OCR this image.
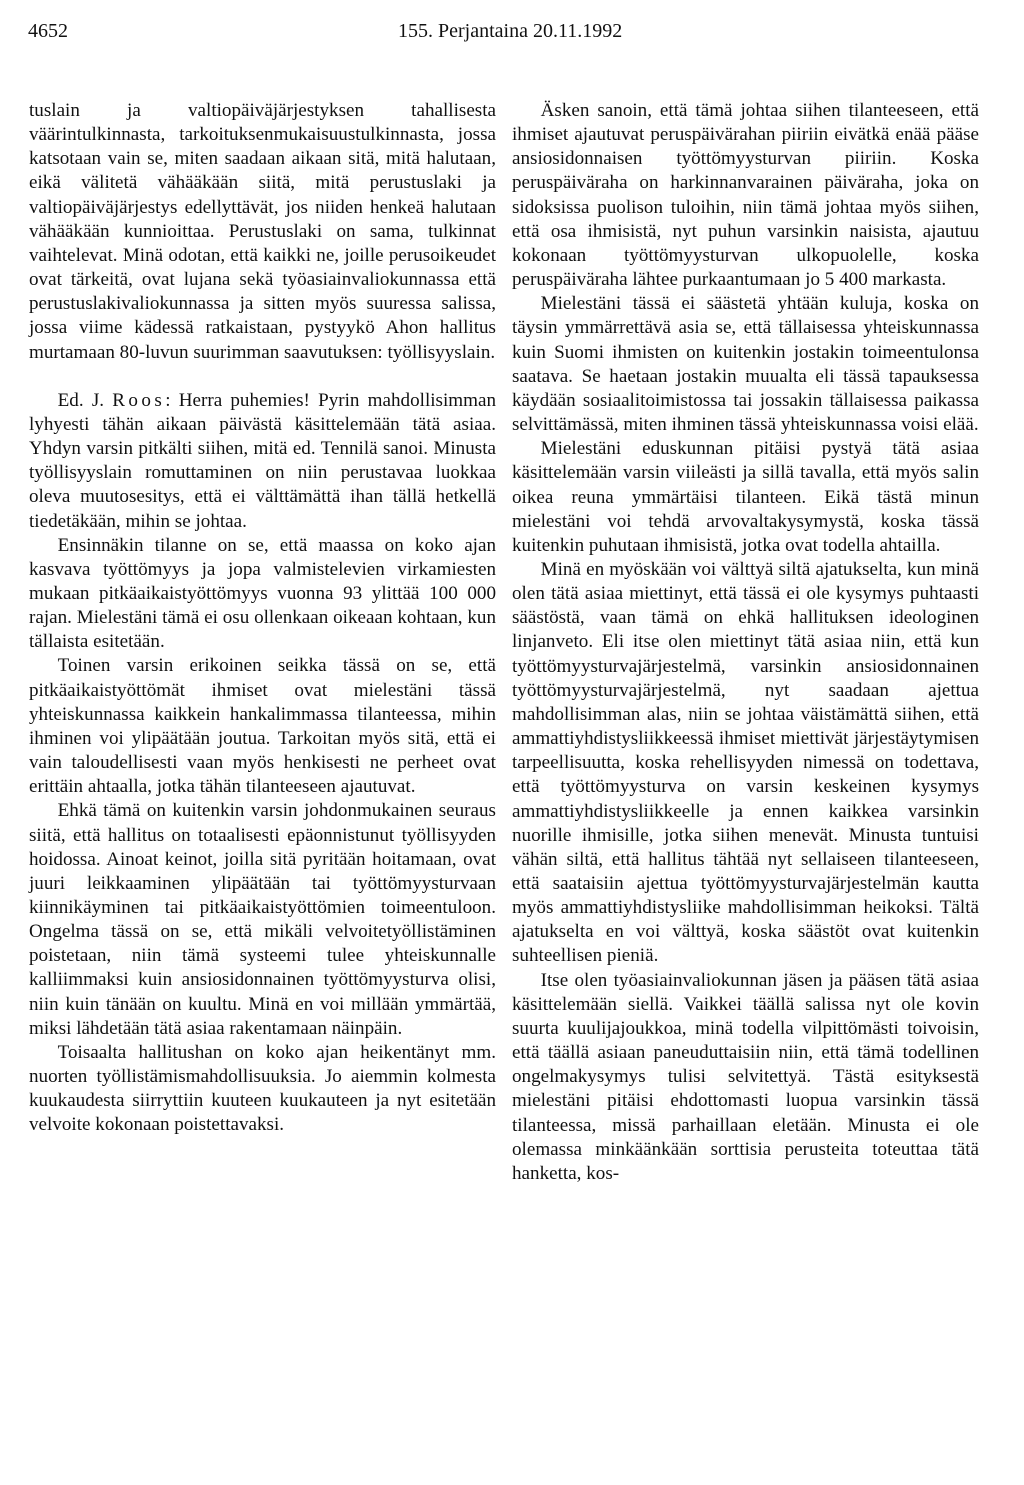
4652	155. Perjantaina 20.11.1992

tuslain ja valtiopäiväjärjestyksen tahallisesta väärintulkinnasta, tarkoituksenmukaisuustulkinnasta, jossa katsotaan vain se, miten saadaan aikaan sitä, mitä halutaan, eikä välitetä vähääkään siitä, mitä perustuslaki ja valtiopäiväjärjestys edellyttävät, jos niiden henkeä halutaan vähääkään kunnioittaa. Perustuslaki on sama, tulkinnat vaihtelevat. Minä odotan, että kaikki ne, joille perusoikeudet ovat tärkeitä, ovat lujana sekä työasiainvaliokunnassa että perustuslakivaliokunnassa ja sitten myös suuressa salissa, jossa viime kädessä ratkaistaan, pystyykö Ahon hallitus murtamaan 80-luvun suurimman saavutuksen: työllisyyslain.

Ed. J. Roos: Herra puhemies! Pyrin mahdollisimman lyhyesti tähän aikaan päivästä käsittelemään tätä asiaa. Yhdyn varsin pitkälti siihen, mitä ed. Tennilä sanoi. Minusta työllisyyslain romuttaminen on niin perustavaa luokkaa oleva muutosesitys, että ei välttämättä ihan tällä hetkellä tiedetäkään, mihin se johtaa.

Ensinnäkin tilanne on se, että maassa on koko ajan kasvava työttömyys ja jopa valmistelevien virkamiesten mukaan pitkäaikaistyöttömyys vuonna 93 ylittää 100 000 rajan. Mielestäni tämä ei osu ollenkaan oikeaan kohtaan, kun tällaista esitetään.

Toinen varsin erikoinen seikka tässä on se, että pitkäaikaistyöttömät ihmiset ovat mielestäni tässä yhteiskunnassa kaikkein hankalimmassa tilanteessa, mihin ihminen voi ylipäätään joutua. Tarkoitan myös sitä, että ei vain taloudellisesti vaan myös henkisesti ne perheet ovat erittäin ahtaalla, jotka tähän tilanteeseen ajautuvat.

Ehkä tämä on kuitenkin varsin johdonmukainen seuraus siitä, että hallitus on totaalisesti epäonnistunut työllisyyden hoidossa. Ainoat keinot, joilla sitä pyritään hoitamaan, ovat juuri leikkaaminen ylipäätään tai työttömyysturvaan kiinnikäyminen tai pitkäaikaistyöttömien toimeentuloon. Ongelma tässä on se, että mikäli velvoitetyöllistäminen poistetaan, niin tämä systeemi tulee yhteiskunnalle kalliimmaksi kuin ansiosidonnainen työttömyysturva olisi, niin kuin tänään on kuultu. Minä en voi millään ymmärtää, miksi lähdetään tätä asiaa rakentamaan näinpäin.

Toisaalta hallitushan on koko ajan heikentänyt mm. nuorten työllistämismahdollisuuksia. Jo aiemmin kolmesta kuukaudesta siirryttiin kuuteen kuukauteen ja nyt esitetään velvoite kokonaan poistettavaksi.

Äsken sanoin, että tämä johtaa siihen tilanteeseen, että ihmiset ajautuvat peruspäivärahan piiriin eivätkä enää pääse ansiosidonnaisen työttömyysturvan piiriin. Koska peruspäiväraha on harkinnanvarainen päiväraha, joka on sidoksissa puolison tuloihin, niin tämä johtaa myös siihen, että osa ihmisistä, nyt puhun varsinkin naisista, ajautuu kokonaan työttömyysturvan ulkopuolelle, koska peruspäiväraha lähtee purkaantumaan jo 5 400 markasta.

Mielestäni tässä ei säästetä yhtään kuluja, koska on täysin ymmärrettävä asia se, että tällaisessa yhteiskunnassa kuin Suomi ihmisten on kuitenkin jostakin toimeentulonsa saatava. Se haetaan jostakin muualta eli tässä tapauksessa käydään sosiaalitoimistossa tai jossakin tällaisessa paikassa selvittämässä, miten ihminen tässä yhteiskunnassa voisi elää.

Mielestäni eduskunnan pitäisi pystyä tätä asiaa käsittelemään varsin viileästi ja sillä tavalla, että myös salin oikea reuna ymmärtäisi tilanteen. Eikä tästä minun mielestäni voi tehdä arvovaltakysymystä, koska tässä kuitenkin puhutaan ihmisistä, jotka ovat todella ahtailla.

Minä en myöskään voi välttyä siltä ajatukselta, kun minä olen tätä asiaa miettinyt, että tässä ei ole kysymys puhtaasti säästöstä, vaan tämä on ehkä hallituksen ideologinen linjanveto. Eli itse olen miettinyt tätä asiaa niin, että kun työttömyysturvajärjestelmä, varsinkin ansiosidonnainen työttömyysturvajärjestelmä, nyt saadaan ajettua mahdollisimman alas, niin se johtaa väistämättä siihen, että ammattiyhdistysliikkeessä ihmiset miettivät järjestäytymisen tarpeellisuutta, koska rehellisyyden nimessä on todettava, että työttömyysturva on varsin keskeinen kysymys ammattiyhdistysliikkeelle ja ennen kaikkea varsinkin nuorille ihmisille, jotka siihen menevät. Minusta tuntuisi vähän siltä, että hallitus tähtää nyt sellaiseen tilanteeseen, että saataisiin ajettua työttömyysturvajärjestelmän kautta myös ammattiyhdistysliike mahdollisimman heikoksi. Tältä ajatukselta en voi välttyä, koska säästöt ovat kuitenkin suhteellisen pieniä.

Itse olen työasiainvaliokunnan jäsen ja pääsen tätä asiaa käsittelemään siellä. Vaikkei täällä salissa nyt ole kovin suurta kuulijajoukkoa, minä todella vilpittömästi toivoisin, että täällä asiaan paneuduttaisiin niin, että tämä todellinen ongelmakysymys tulisi selvitettyä. Tästä esityksestä mielestäni pitäisi ehdottomasti luopua varsinkin tässä tilanteessa, missä parhaillaan eletään. Minusta ei ole olemassa minkäänkään sorttisia perusteita toteuttaa tätä hanketta, kos-
